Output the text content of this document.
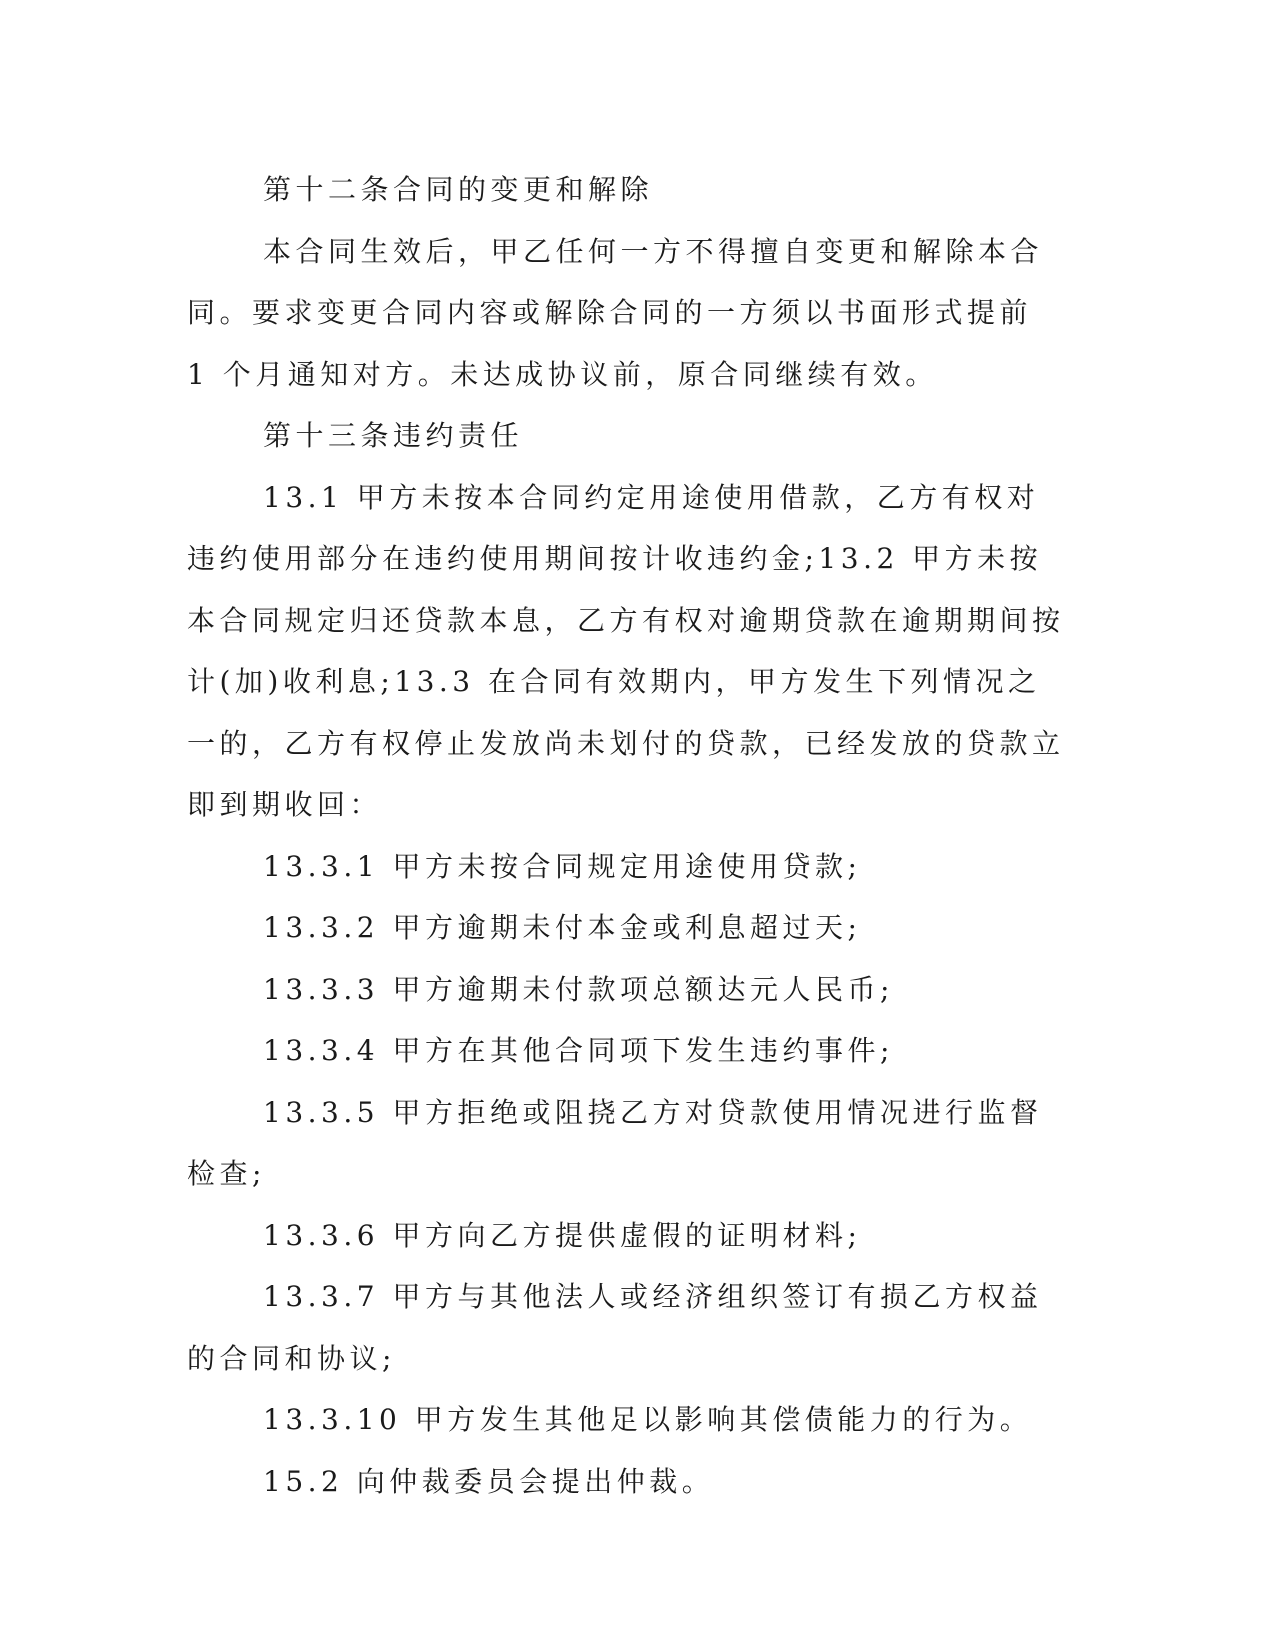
第十二条合同的变更和解除

本合同生效后，甲乙任何一方不得擅自变更和解除本合同。要求变更合同内容或解除合同的一方须以书面形式提前 1 个月通知对方。未达成协议前，原合同继续有效。

第十三条违约责任

13.1 甲方未按本合同约定用途使用借款，乙方有权对违约使用部分在违约使用期间按计收违约金;13.2 甲方未按本合同规定归还贷款本息，乙方有权对逾期贷款在逾期期间按计(加)收利息;13.3 在合同有效期内，甲方发生下列情况之一的，乙方有权停止发放尚未划付的贷款，已经发放的贷款立即到期收回：

13.3.1 甲方未按合同规定用途使用贷款;

13.3.2 甲方逾期未付本金或利息超过天;

13.3.3 甲方逾期未付款项总额达元人民币;

13.3.4 甲方在其他合同项下发生违约事件;

13.3.5 甲方拒绝或阻挠乙方对贷款使用情况进行监督检查;

13.3.6 甲方向乙方提供虚假的证明材料;

13.3.7 甲方与其他法人或经济组织签订有损乙方权益的合同和协议;

13.3.10 甲方发生其他足以影响其偿债能力的行为。

15.2 向仲裁委员会提出仲裁。
